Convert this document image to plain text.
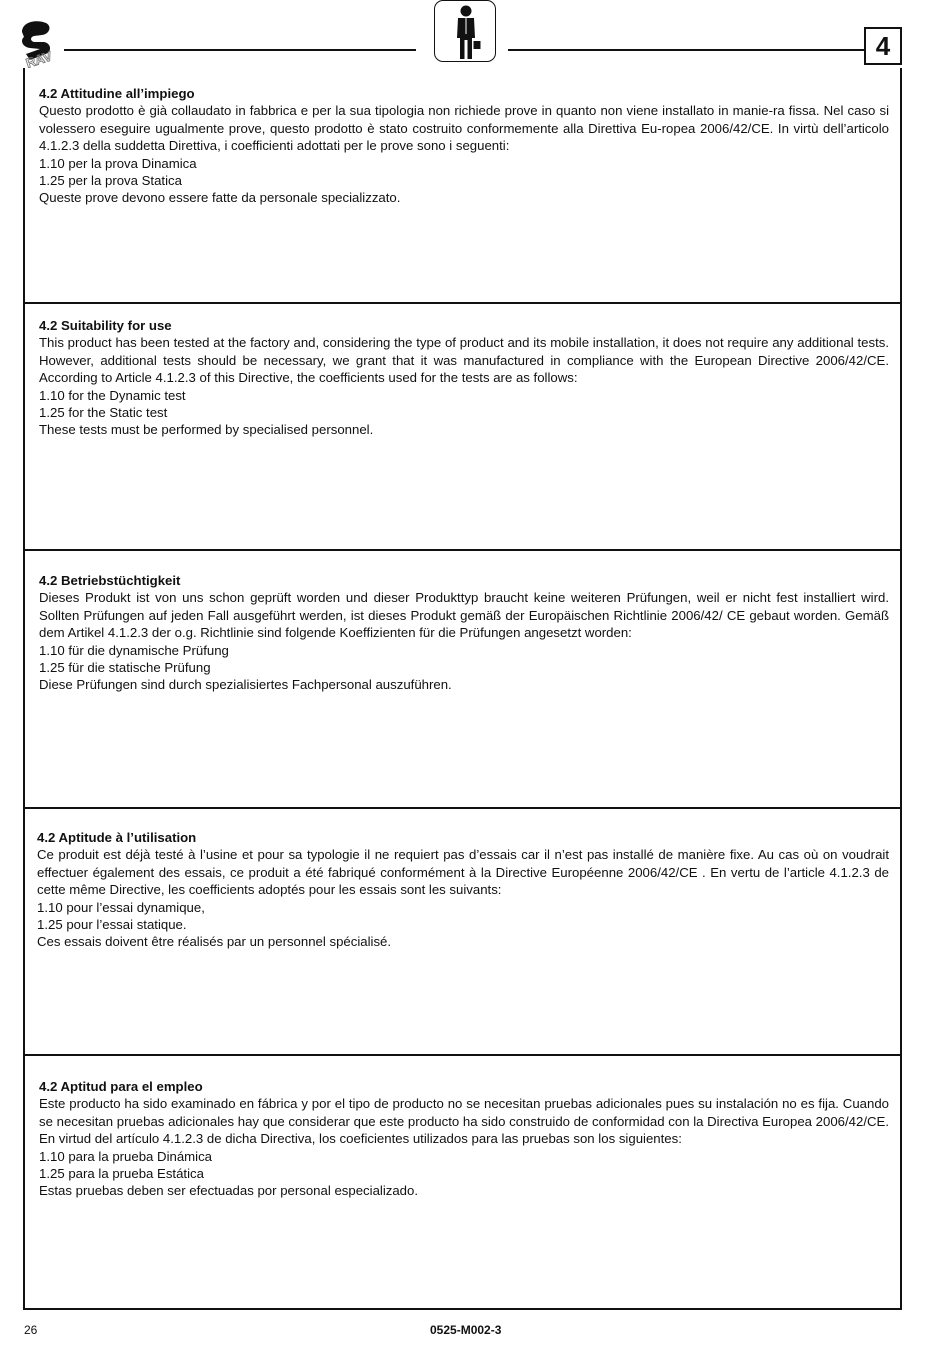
RAV	4
4.2 Attitudine all’impiego
Questo prodotto è già collaudato in fabbrica e per la sua tipologia non richiede prove in quanto non viene installato in manie-ra fissa. Nel caso si volessero eseguire ugualmente prove, questo prodotto è stato costruito conformemente alla Direttiva Eu-ropea 2006/42/CE. In virtù dell’articolo 4.1.2.3 della suddetta Direttiva, i coefficienti adottati per le prove sono i seguenti:
1.10 per la prova Dinamica
1.25 per la prova Statica
Queste prove devono essere fatte da personale specializzato.
4.2 Suitability for use
This product has been tested at the factory and, considering the type of product and its mobile installation, it does not require any additional tests. However, additional tests should be necessary, we grant that it was manufactured in compliance with the European Directive 2006/42/CE. According to Article 4.1.2.3 of this Directive, the coefficients used for the tests are as follows:
1.10 for the Dynamic test
1.25 for the Static test
These tests must be performed by specialised personnel.
4.2 Betriebstüchtigkeit
Dieses Produkt ist von uns schon geprüft worden und dieser Produkttyp braucht keine weiteren Prüfungen, weil er nicht fest installiert wird. Sollten Prüfungen auf jeden Fall ausgeführt werden, ist dieses Produkt gemäß der Europäischen Richtlinie 2006/42/ CE gebaut worden. Gemäß dem Artikel 4.1.2.3 der o.g. Richtlinie sind folgende Koeffizienten für die Prüfungen angesetzt worden:
1.10 für die dynamische Prüfung
1.25 für die statische Prüfung
Diese Prüfungen sind durch spezialisiertes Fachpersonal auszuführen.
4.2 Aptitude à l’utilisation
Ce produit est déjà testé à l’usine et pour sa typologie il ne requiert pas d’essais car il n’est pas installé de manière fixe. Au cas où on voudrait effectuer également des essais, ce produit a été fabriqué conformément à la Directive Européenne 2006/42/CE . En vertu de l’article 4.1.2.3 de cette même Directive, les coefficients adoptés pour les essais sont les suivants:
1.10 pour l’essai dynamique,
1.25 pour l’essai statique.
Ces essais doivent être réalisés par un personnel spécialisé.
4.2 Aptitud para el empleo
Este producto ha sido examinado en fábrica y por el tipo de producto no se necesitan pruebas adicionales pues su instalación no es fija. Cuando se necesitan pruebas adicionales hay que considerar que este producto ha sido construido de conformidad con la Directiva Europea 2006/42/CE. En virtud del artículo 4.1.2.3 de dicha Directiva, los coeficientes utilizados para las pruebas son los siguientes:
1.10 para la prueba Dinámica
1.25 para la prueba Estática
Estas pruebas deben ser efectuadas por personal especializado.
26	0525-M002-3
